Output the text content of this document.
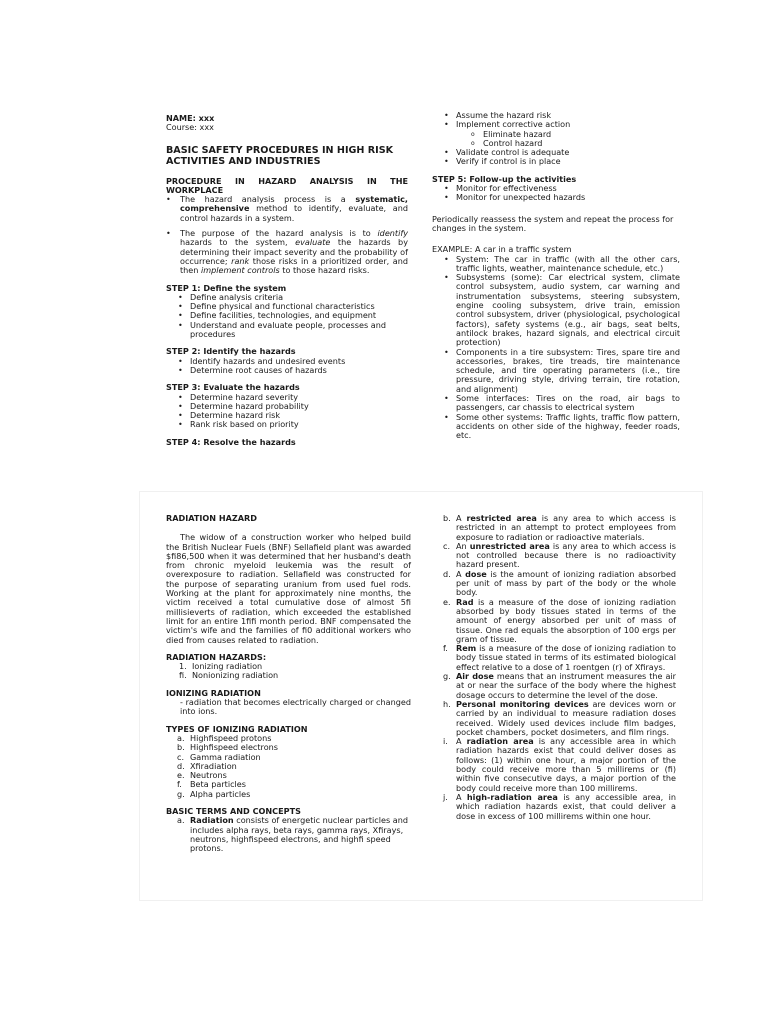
NAME: xxx
Course: xxx
BASIC SAFETY PROCEDURES IN HIGH RISK ACTIVITIES AND INDUSTRIES
PROCEDURE IN HAZARD ANALYSIS IN THE WORKPLACE
• The hazard analysis process is a systematic, comprehensive method to identify, evaluate, and control hazards in a system.
• The purpose of the hazard analysis is to identify hazards to the system, evaluate the hazards by determining their impact severity and the probability of occurrence; rank those risks in a prioritized order, and then implement controls to those hazard risks.
STEP 1: Define the system
• Define analysis criteria
• Define physical and functional characteristics
• Define facilities, technologies, and equipment
• Understand and evaluate people, processes and procedures
STEP 2: Identify the hazards
• Identify hazards and undesired events
• Determine root causes of hazards
STEP 3: Evaluate the hazards
• Determine hazard severity
• Determine hazard probability
• Determine hazard risk
• Rank risk based on priority
STEP 4: Resolve the hazards
• Assume the hazard risk
• Implement corrective action
o Eliminate hazard
o Control hazard
• Validate control is adequate
• Verify if control is in place
STEP 5: Follow-up the activities
• Monitor for effectiveness
• Monitor for unexpected hazards
Periodically reassess the system and repeat the process for changes in the system.
EXAMPLE: A car in a traffic system
• System: The car in traffic (with all the other cars, traffic lights, weather, maintenance schedule, etc.)
• Subsystems (some): Car electrical system, climate control subsystem, audio system, car warning and instrumentation subsystems, steering subsystem, engine cooling subsystem, drive train, emission control subsystem, driver (physiological, psychological factors), safety systems (e.g., air bags, seat belts, antilock brakes, hazard signals, and electrical circuit protection)
• Components in a tire subsystem: Tires, spare tire and accessories, brakes, tire treads, tire maintenance schedule, and tire operating parameters (i.e., tire pressure, driving style, driving terrain, tire rotation, and alignment)
• Some interfaces: Tires on the road, air bags to passengers, car chassis to electrical system
• Some other systems: Traffic lights, traffic flow pattern, accidents on other side of the highway, feeder roads, etc.
RADIATION HAZARD
The widow of a construction worker who helped build the British Nuclear Fuels (BNF) Sellafield plant was awarded $ﬁ86,500 when it was determined that her husband's death from chronic myeloid leukemia was the result of overexposure to radiation. Sellafield was constructed for the purpose of separating uranium from used fuel rods. Working at the plant for approximately nine months, the victim received a total cumulative dose of almost 5ﬁ millisieverts of radiation, which exceeded the established limit for an entire 1ﬁﬁ month period. BNF compensated the victim's wife and the families of ﬁ0 additional workers who died from causes related to radiation.
RADIATION HAZARDS:
1. Ionizing radiation
ﬁ. Nonionizing radiation
IONIZING RADIATION
- radiation that becomes electrically charged or changed into ions.
TYPES OF IONIZING RADIATION
a. Highﬁspeed protons
b. Highﬁspeed electrons
c. Gamma radiation
d. Xﬁradiation
e. Neutrons
f. Beta particles
g. Alpha particles
BASIC TERMS AND CONCEPTS
a. Radiation consists of energetic nuclear particles and includes alpha rays, beta rays, gamma rays, Xﬁrays, neutrons, highﬁspeed electrons, and highﬁ speed protons.
b. A restricted area is any area to which access is restricted in an attempt to protect employees from exposure to radiation or radioactive materials.
c. An unrestricted area is any area to which access is not controlled because there is no radioactivity hazard present.
d. A dose is the amount of ionizing radiation absorbed per unit of mass by part of the body or the whole body.
e. Rad is a measure of the dose of ionizing radiation absorbed by body tissues stated in terms of the amount of energy absorbed per unit of mass of tissue. One rad equals the absorption of 100 ergs per gram of tissue.
f. Rem is a measure of the dose of ionizing radiation to body tissue stated in terms of its estimated biological effect relative to a dose of 1 roentgen (r) of Xﬁrays.
g. Air dose means that an instrument measures the air at or near the surface of the body where the highest dosage occurs to determine the level of the dose.
h. Personal monitoring devices are devices worn or carried by an individual to measure radiation doses received. Widely used devices include film badges, pocket chambers, pocket dosimeters, and film rings.
i. A radiation area is any accessible area in which radiation hazards exist that could deliver doses as follows: (1) within one hour, a major portion of the body could receive more than 5 millirems or (ﬁ) within five consecutive days, a major portion of the body could receive more than 100 millirems.
j. A high-radiation area is any accessible area, in which radiation hazards exist, that could deliver a dose in excess of 100 millirems within one hour.
